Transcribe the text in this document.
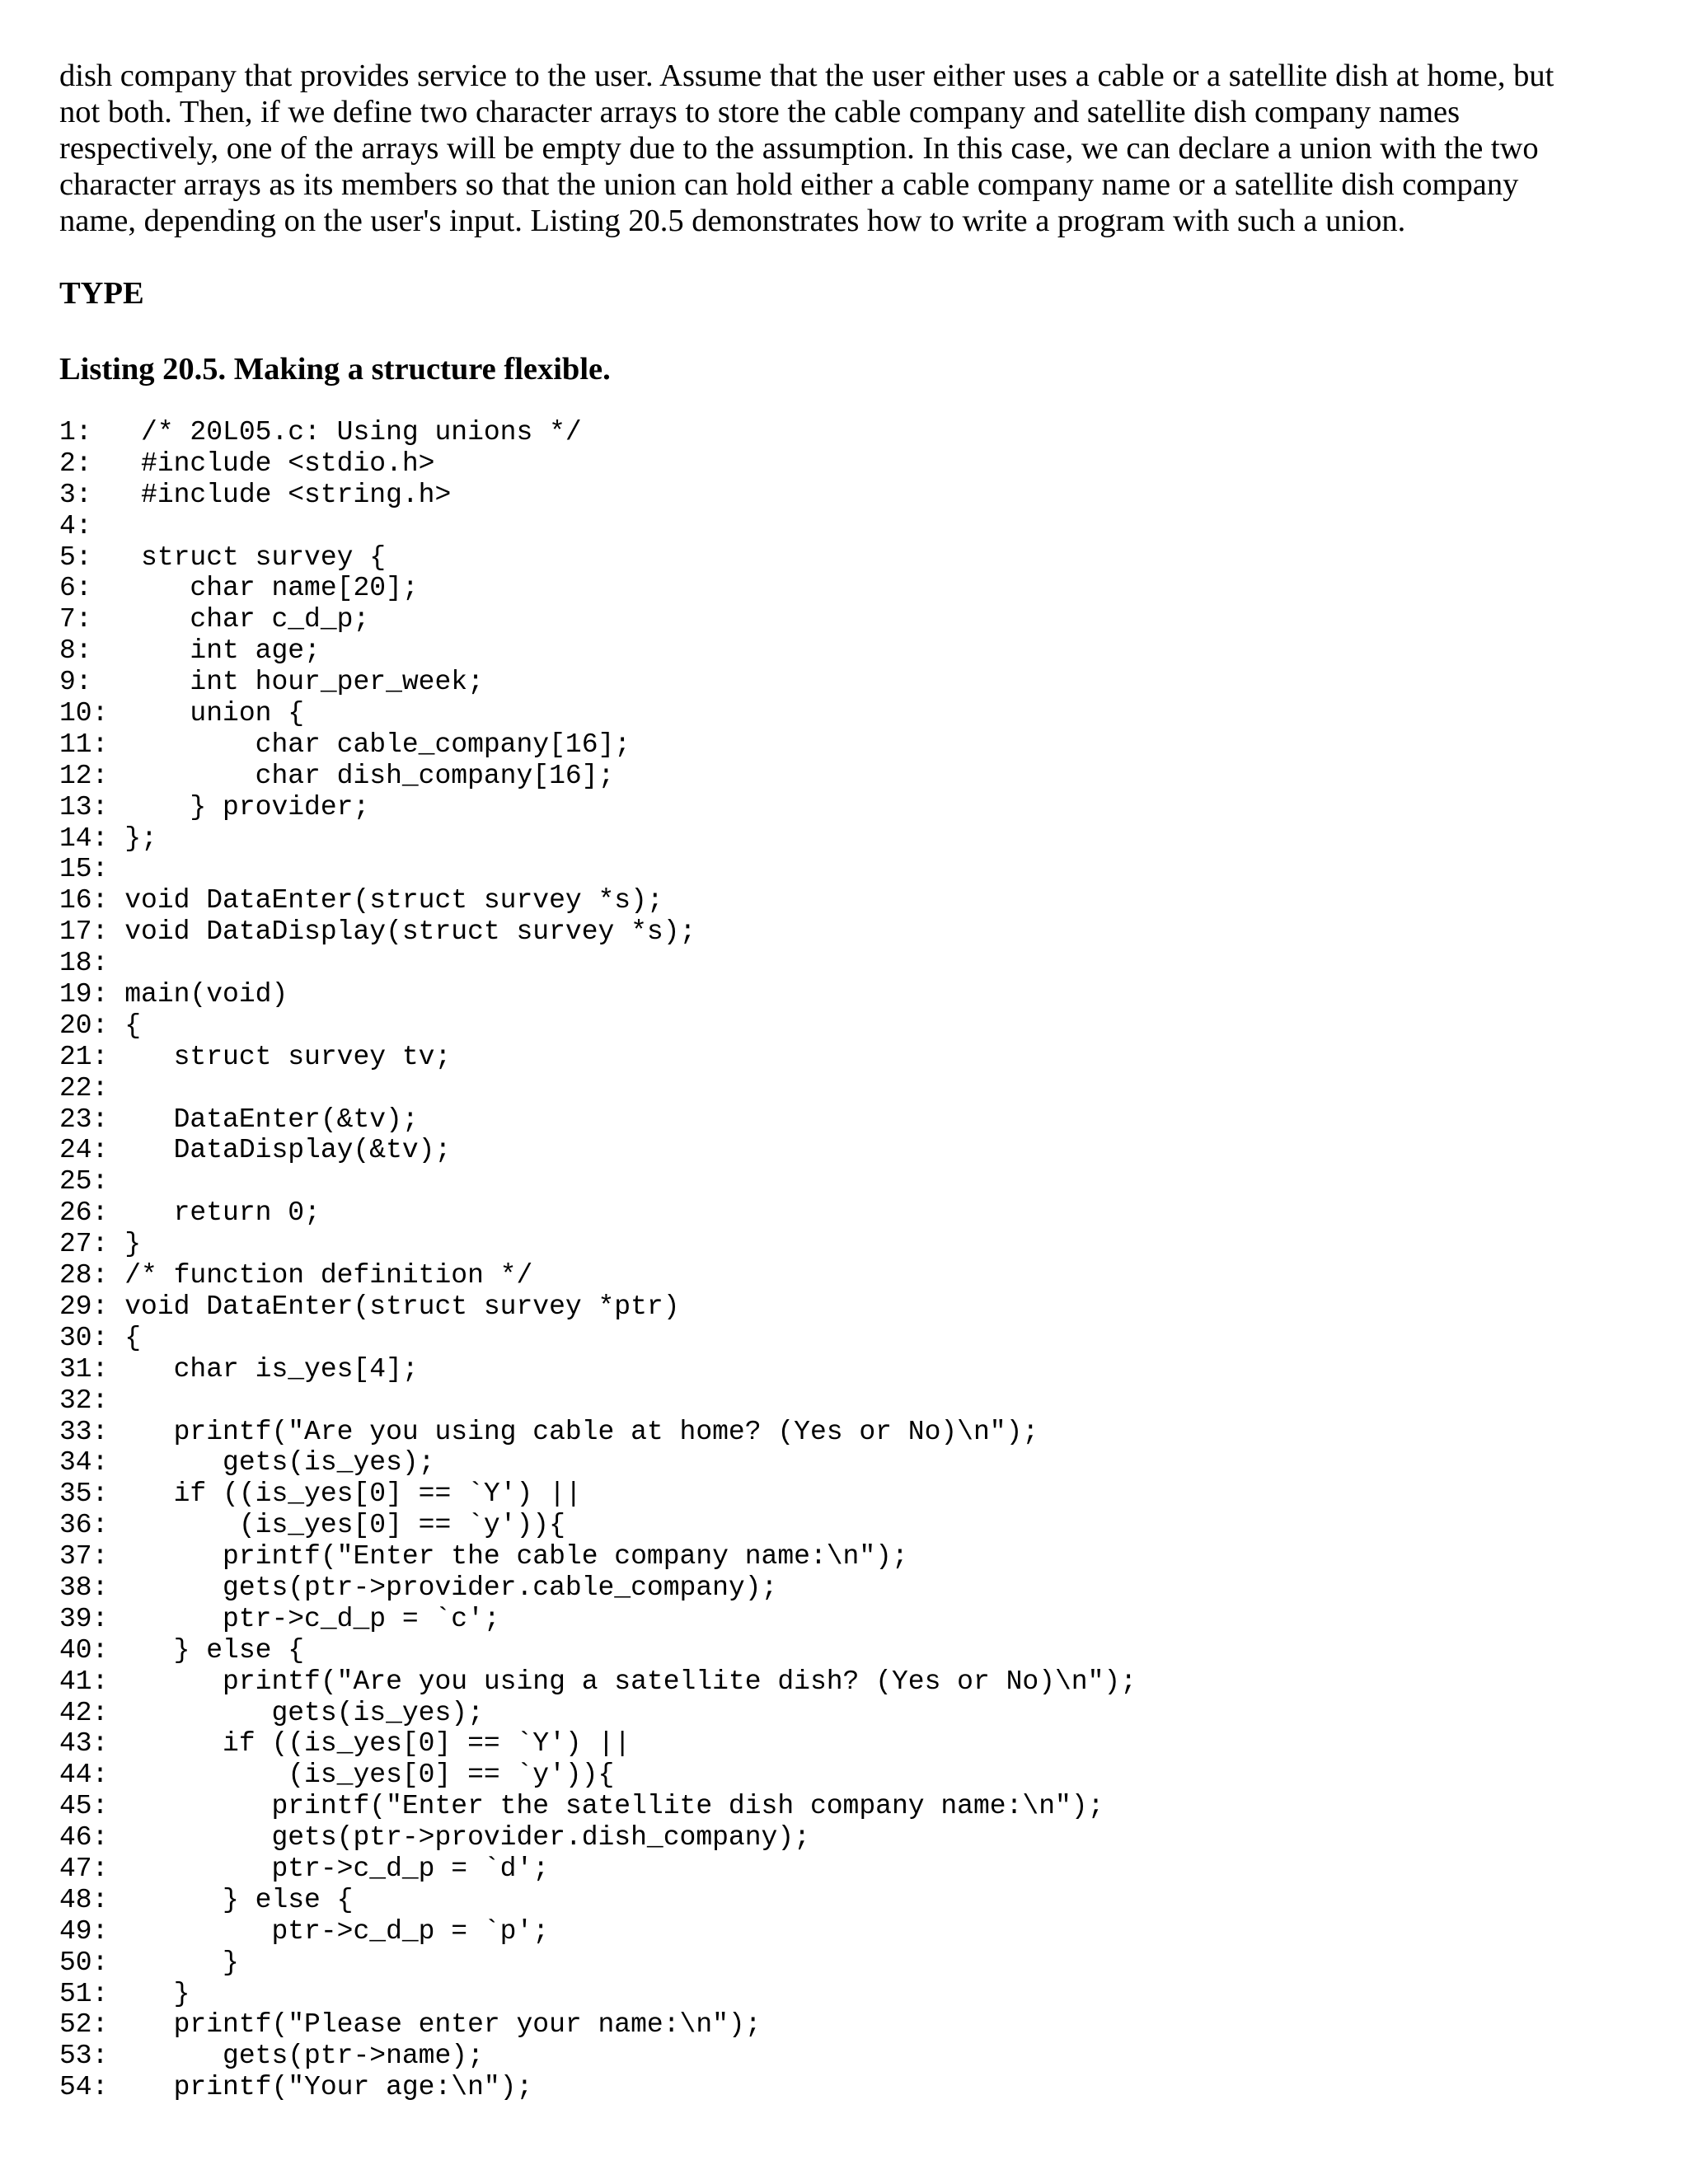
dish company that provides service to the user. Assume that the user either uses a cable or a satellite dish at home, but
not both. Then, if we define two character arrays to store the cable company and satellite dish company names
respectively, one of the arrays will be empty due to the assumption. In this case, we can declare a union with the two
character arrays as its members so that the union can hold either a cable company name or a satellite dish company
name, depending on the user's input. Listing 20.5 demonstrates how to write a program with such a union.

TYPE
Listing 20.5. Making a structure flexible.
1:   /* 20L05.c: Using unions */
2:   #include <stdio.h>
3:   #include <string.h>
4:
5:   struct survey {
6:      char name[20];
7:      char c_d_p;
8:      int age;
9:      int hour_per_week;
10:     union {
11:         char cable_company[16];
12:         char dish_company[16];
13:     } provider;
14: };
15:
16: void DataEnter(struct survey *s);
17: void DataDisplay(struct survey *s);
18:
19: main(void)
20: {
21:    struct survey tv;
22:
23:    DataEnter(&tv);
24:    DataDisplay(&tv);
25:
26:    return 0;
27: }
28: /* function definition */
29: void DataEnter(struct survey *ptr)
30: {
31:    char is_yes[4];
32:
33:    printf("Are you using cable at home? (Yes or No)\n");
34:       gets(is_yes);
35:    if ((is_yes[0] == `Y') ||
36:        (is_yes[0] == `y')){
37:       printf("Enter the cable company name:\n");
38:       gets(ptr->provider.cable_company);
39:       ptr->c_d_p = `c';
40:    } else {
41:       printf("Are you using a satellite dish? (Yes or No)\n");
42:          gets(is_yes);
43:       if ((is_yes[0] == `Y') ||
44:           (is_yes[0] == `y')){
45:          printf("Enter the satellite dish company name:\n");
46:          gets(ptr->provider.dish_company);
47:          ptr->c_d_p = `d';
48:       } else {
49:          ptr->c_d_p = `p';
50:       }
51:    }
52:    printf("Please enter your name:\n");
53:       gets(ptr->name);
54:    printf("Your age:\n");
